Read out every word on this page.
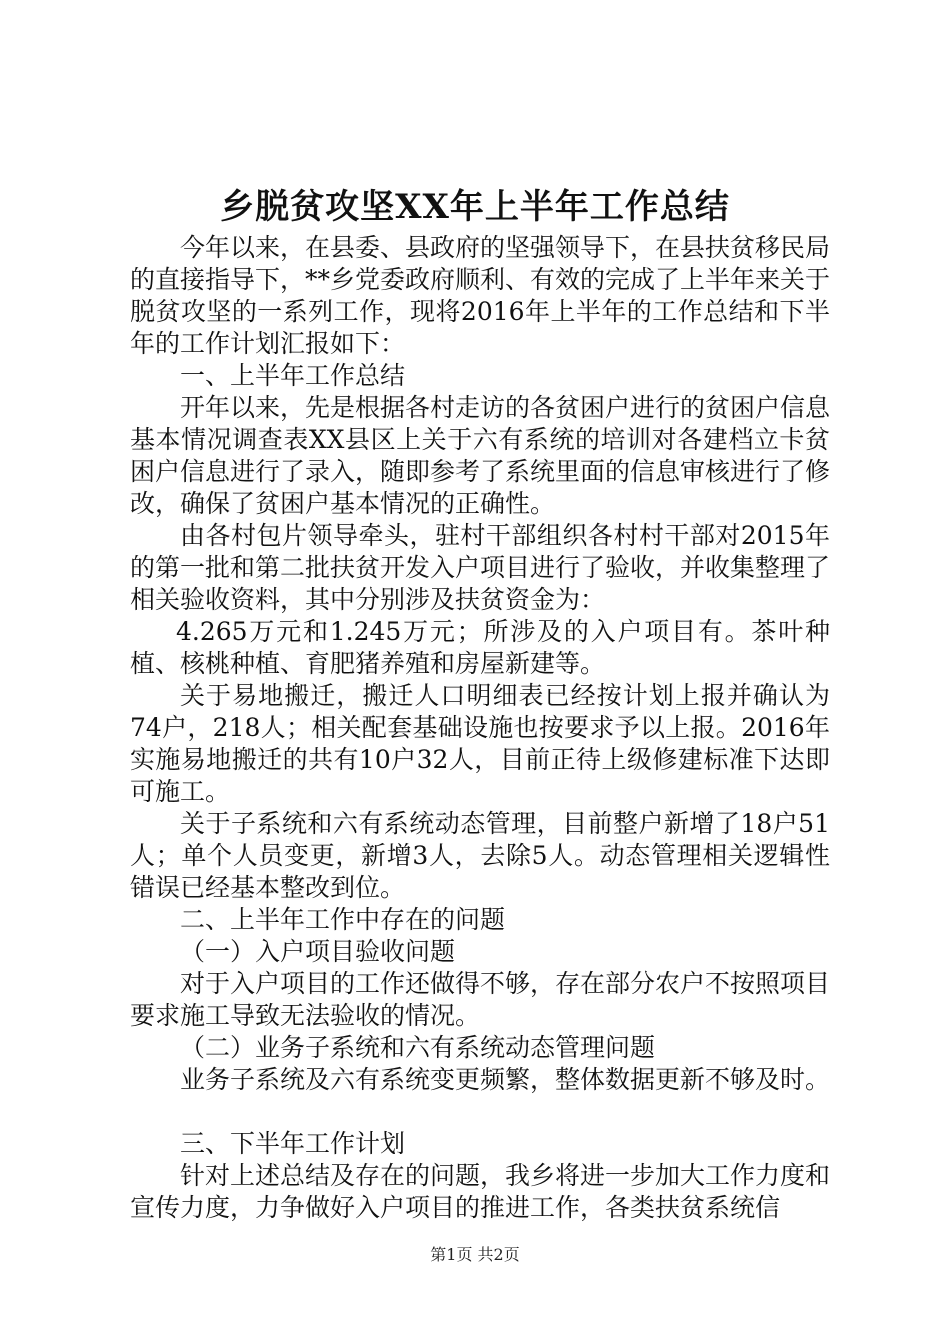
乡脱贫攻坚XX年上半年工作总结

今年以来，在县委、县政府的坚强领导下，在县扶贫移民局的直接指导下，**乡党委政府顺利、有效的完成了上半年来关于脱贫攻坚的一系列工作，现将2016年上半年的工作总结和下半年的工作计划汇报如下：

一、上半年工作总结

开年以来，先是根据各村走访的各贫困户进行的贫困户信息基本情况调查表XX县区上关于六有系统的培训对各建档立卡贫困户信息进行了录入，随即参考了系统里面的信息审核进行了修改，确保了贫困户基本情况的正确性。

由各村包片领导牵头，驻村干部组织各村村干部对2015年的第一批和第二批扶贫开发入户项目进行了验收，并收集整理了相关验收资料，其中分别涉及扶贫资金为：

4.265万元和1.245万元；所涉及的入户项目有。茶叶种植、核桃种植、育肥猪养殖和房屋新建等。

关于易地搬迁，搬迁人口明细表已经按计划上报并确认为74户，218人；相关配套基础设施也按要求予以上报。2016年实施易地搬迁的共有10户32人，目前正待上级修建标准下达即可施工。

关于子系统和六有系统动态管理，目前整户新增了18户51人；单个人员变更，新增3人，去除5人。动态管理相关逻辑性错误已经基本整改到位。

二、上半年工作中存在的问题

（一）入户项目验收问题

对于入户项目的工作还做得不够，存在部分农户不按照项目要求施工导致无法验收的情况。

（二）业务子系统和六有系统动态管理问题

业务子系统及六有系统变更频繁，整体数据更新不够及时。

三、下半年工作计划

针对上述总结及存在的问题，我乡将进一步加大工作力度和宣传力度，力争做好入户项目的推进工作，各类扶贫系统信

第1页 共2页
